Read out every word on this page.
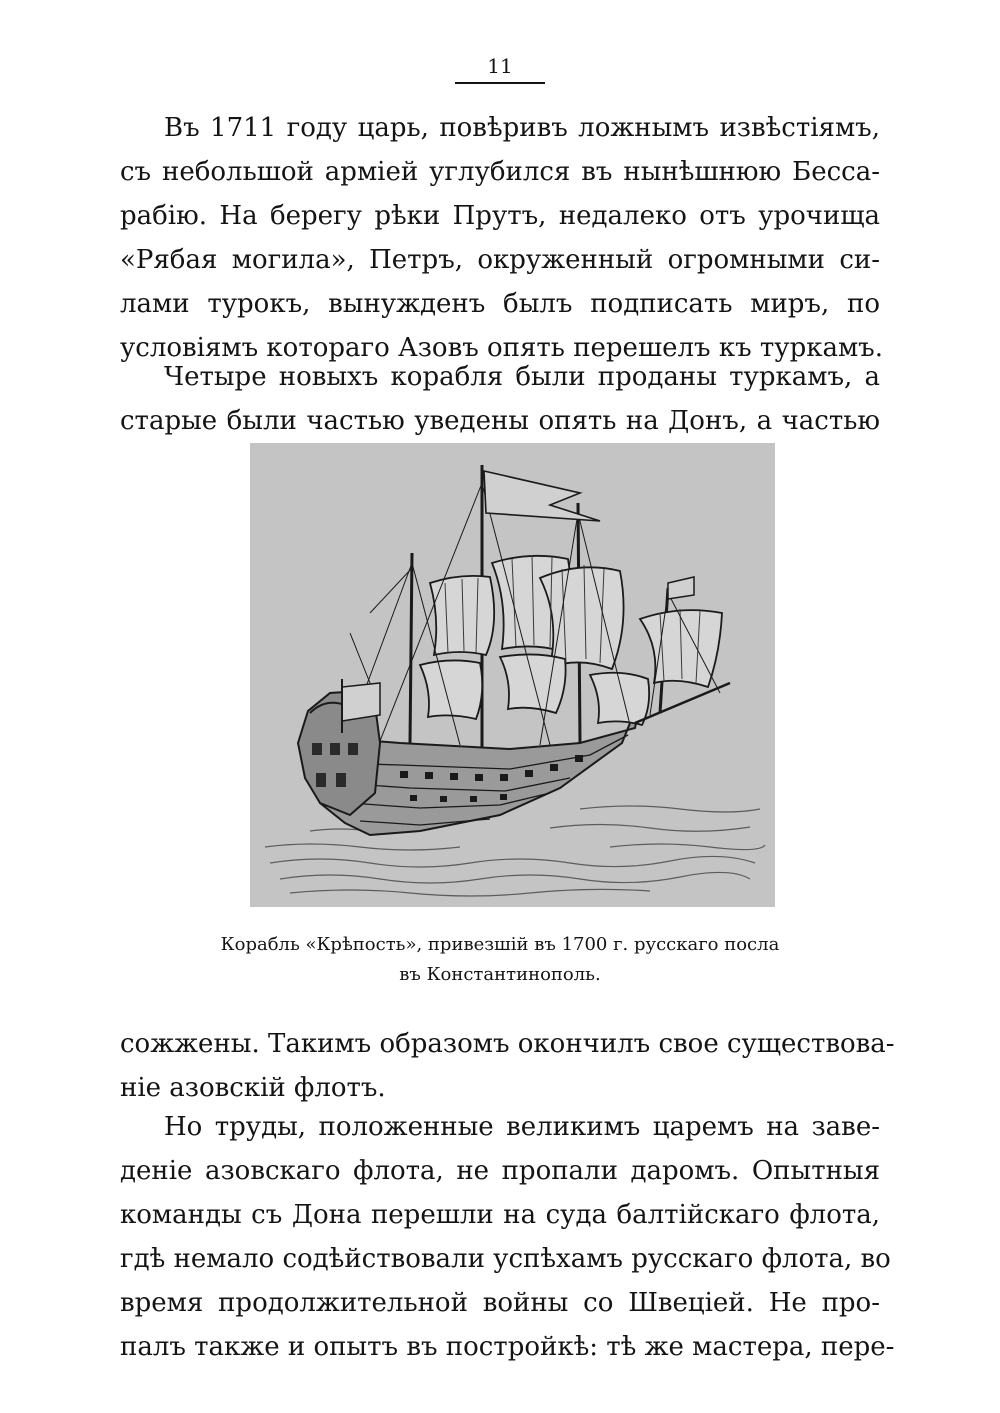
11
Въ 1711 году царь, повѣривъ ложнымъ извѣстіямъ,
съ небольшой арміей углубился въ нынѣшнюю Бесса-
рабію. На берегу рѣки Прутъ, недалеко отъ урочища
«Рябая могила», Петръ, окруженный огромными си-
лами турокъ, вынужденъ былъ подписать миръ, по
условіямъ котораго Азовъ опять перешелъ къ туркамъ.
Четыре новыхъ корабля были проданы туркамъ, а
старые были частью уведены опять на Донъ, а частью
Корабль «Крѣпость», привезшій въ 1700 г. русскаго посла
въ Константинополь.
сожжены. Такимъ образомъ окончилъ свое существова-
ніе азовскій флотъ.
Но труды, положенные великимъ царемъ на заве-
деніе азовскаго флота, не пропали даромъ. Опытныя
команды съ Дона перешли на суда балтійскаго флота,
гдѣ немало содѣйствовали успѣхамъ русскаго флота, во
время продолжительной войны со Швеціей. Не про-
палъ также и опытъ въ постройкѣ: тѣ же мастера, пере-
